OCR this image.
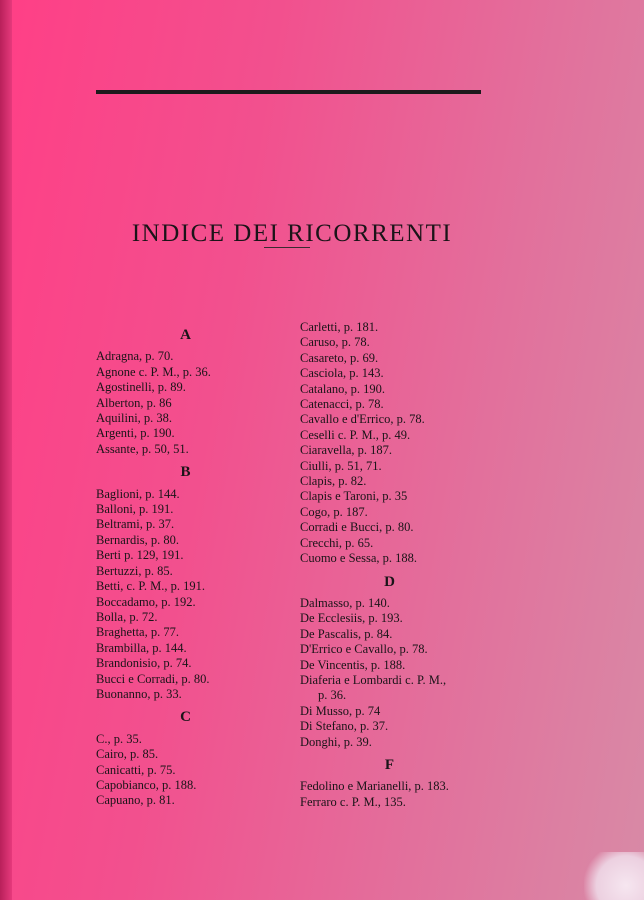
INDICE DEI RICORRENTI
A
Adragna, p. 70.
Agnone c. P. M., p. 36.
Agostinelli, p. 89.
Alberton, p. 86
Aquilini, p. 38.
Argenti, p. 190.
Assante, p. 50, 51.
B
Baglioni, p. 144.
Balloni, p. 191.
Beltrami, p. 37.
Bernardis, p. 80.
Berti p. 129, 191.
Bertuzzi, p. 85.
Betti, c. P. M., p. 191.
Boccadamo, p. 192.
Bolla, p. 72.
Braghetta, p. 77.
Brambilla, p. 144.
Brandonisio, p. 74.
Bucci e Corradi, p. 80.
Buonanno, p. 33.
C
C., p. 35.
Cairo, p. 85.
Canicatti, p. 75.
Capobianco, p. 188.
Capuano, p. 81.
Carletti, p. 181.
Caruso, p. 78.
Casareto, p. 69.
Casciola, p. 143.
Catalano, p. 190.
Catenacci, p. 78.
Cavallo e d'Errico, p. 78.
Ceselli c. P. M., p. 49.
Ciaravella, p. 187.
Ciulli, p. 51, 71.
Clapis, p. 82.
Clapis e Taroni, p. 35
Cogo, p. 187.
Corradi e Bucci, p. 80.
Crecchi, p. 65.
Cuomo e Sessa, p. 188.
D
Dalmasso, p. 140.
De Ecclesiis, p. 193.
De Pascalis, p. 84.
D'Errico e Cavallo, p. 78.
De Vincentis, p. 188.
Diaferia e Lombardi c. P. M.,
p. 36.
Di Musso, p. 74
Di Stefano, p. 37.
Donghi, p. 39.
F
Fedolino e Marianelli, p. 183.
Ferraro c. P. M., 135.
